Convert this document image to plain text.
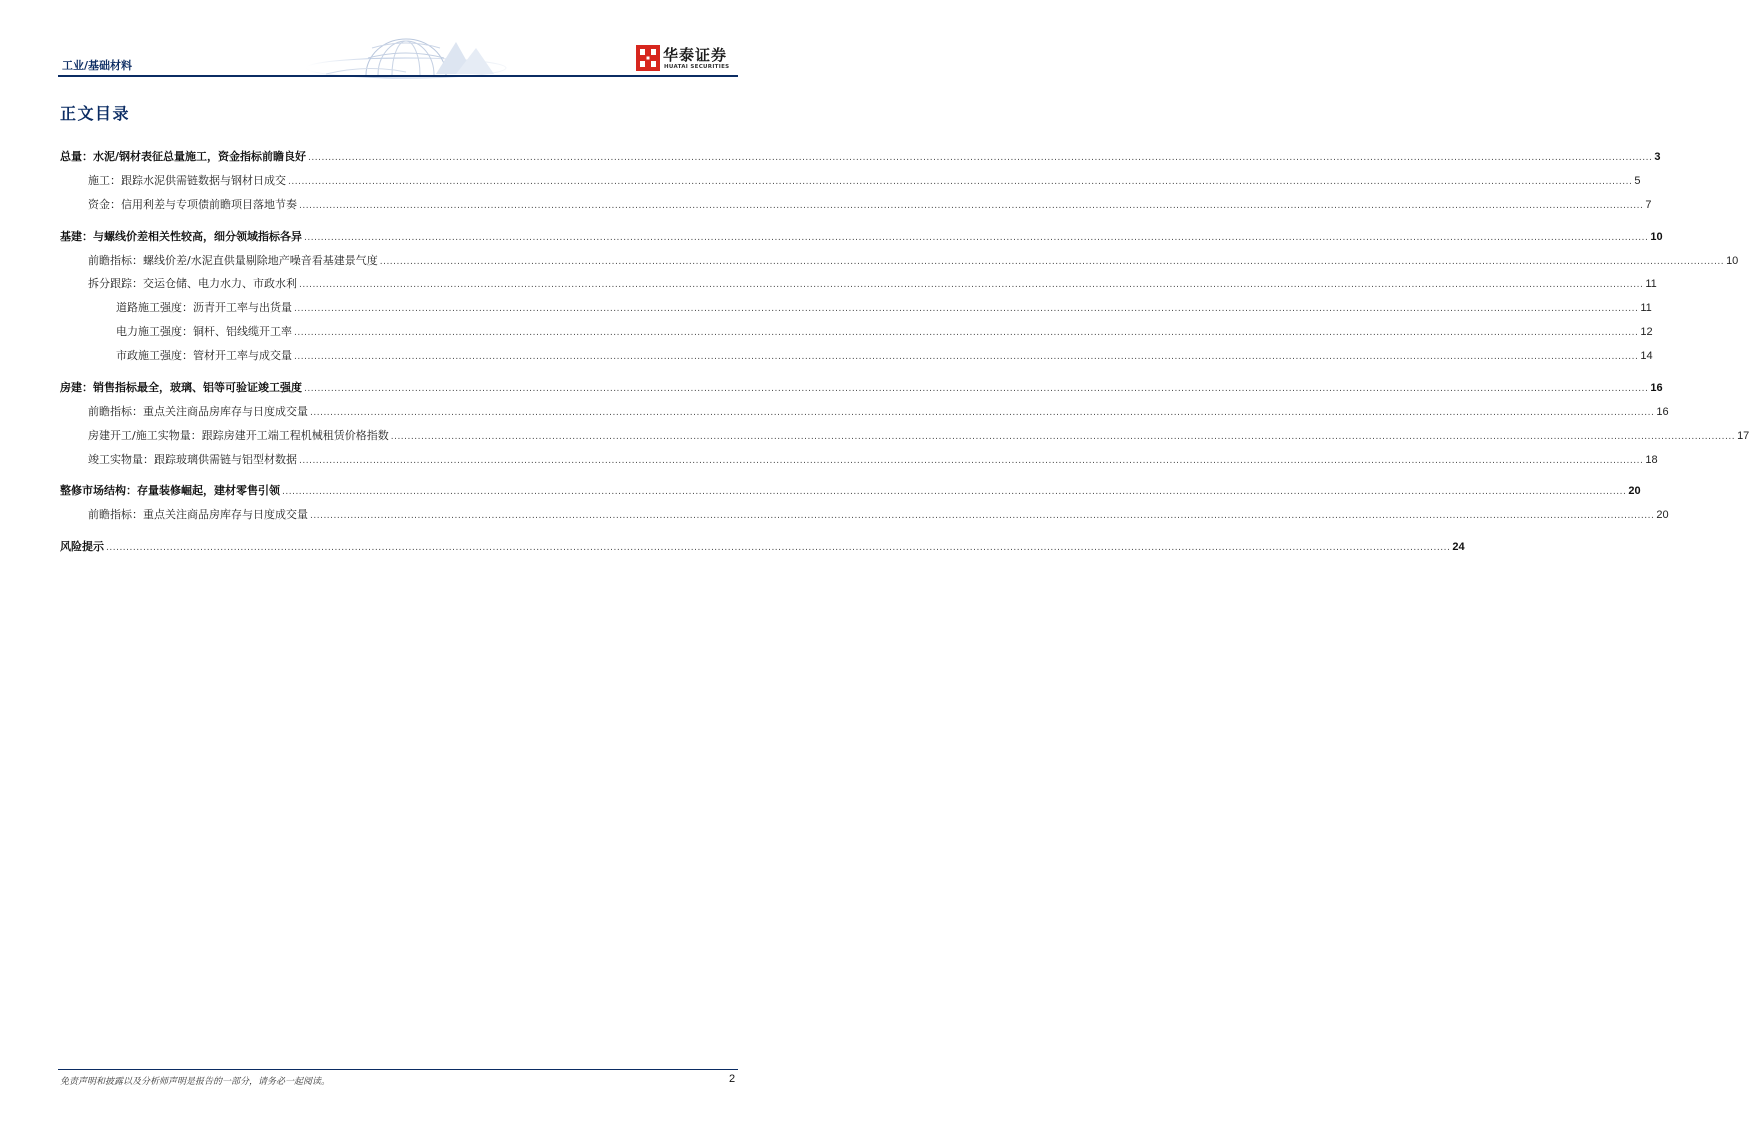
工业/基础材料
华泰证券
HUATAI SECURITIES
正文目录
总量：水泥/钢材表征总量施工，资金指标前瞻良好 ................................................................................................................................................................................................................................................................................................................................................................................................................ 3
施工：跟踪水泥供需链数据与钢材日成交 ................................................................................................................................................................................................................................................................................................................................................................................................................ 5
资金：信用利差与专项债前瞻项目落地节奏 ................................................................................................................................................................................................................................................................................................................................................................................................................ 7
基建：与螺线价差相关性较高，细分领域指标各异 ................................................................................................................................................................................................................................................................................................................................................................................................................ 10
前瞻指标：螺线价差/水泥直供量剔除地产噪音看基建景气度 ................................................................................................................................................................................................................................................................................................................................................................................................................ 10
拆分跟踪：交运仓储、电力水力、市政水利 ................................................................................................................................................................................................................................................................................................................................................................................................................ 11
道路施工强度：沥青开工率与出货量 ................................................................................................................................................................................................................................................................................................................................................................................................................ 11
电力施工强度：铜杆、铝线缆开工率 ................................................................................................................................................................................................................................................................................................................................................................................................................ 12
市政施工强度：管材开工率与成交量 ................................................................................................................................................................................................................................................................................................................................................................................................................ 14
房建：销售指标最全，玻璃、铝等可验证竣工强度 ................................................................................................................................................................................................................................................................................................................................................................................................................ 16
前瞻指标：重点关注商品房库存与日度成交量 ................................................................................................................................................................................................................................................................................................................................................................................................................ 16
房建开工/施工实物量：跟踪房建开工端工程机械租赁价格指数 ................................................................................................................................................................................................................................................................................................................................................................................................................ 17
竣工实物量：跟踪玻璃供需链与铝型材数据 ................................................................................................................................................................................................................................................................................................................................................................................................................ 18
整修市场结构：存量装修崛起，建材零售引领 ................................................................................................................................................................................................................................................................................................................................................................................................................ 20
前瞻指标：重点关注商品房库存与日度成交量 ................................................................................................................................................................................................................................................................................................................................................................................................................ 20
风险提示 ................................................................................................................................................................................................................................................................................................................................................................................................................ 24
免责声明和披露以及分析师声明是报告的一部分，请务必一起阅读。	2
